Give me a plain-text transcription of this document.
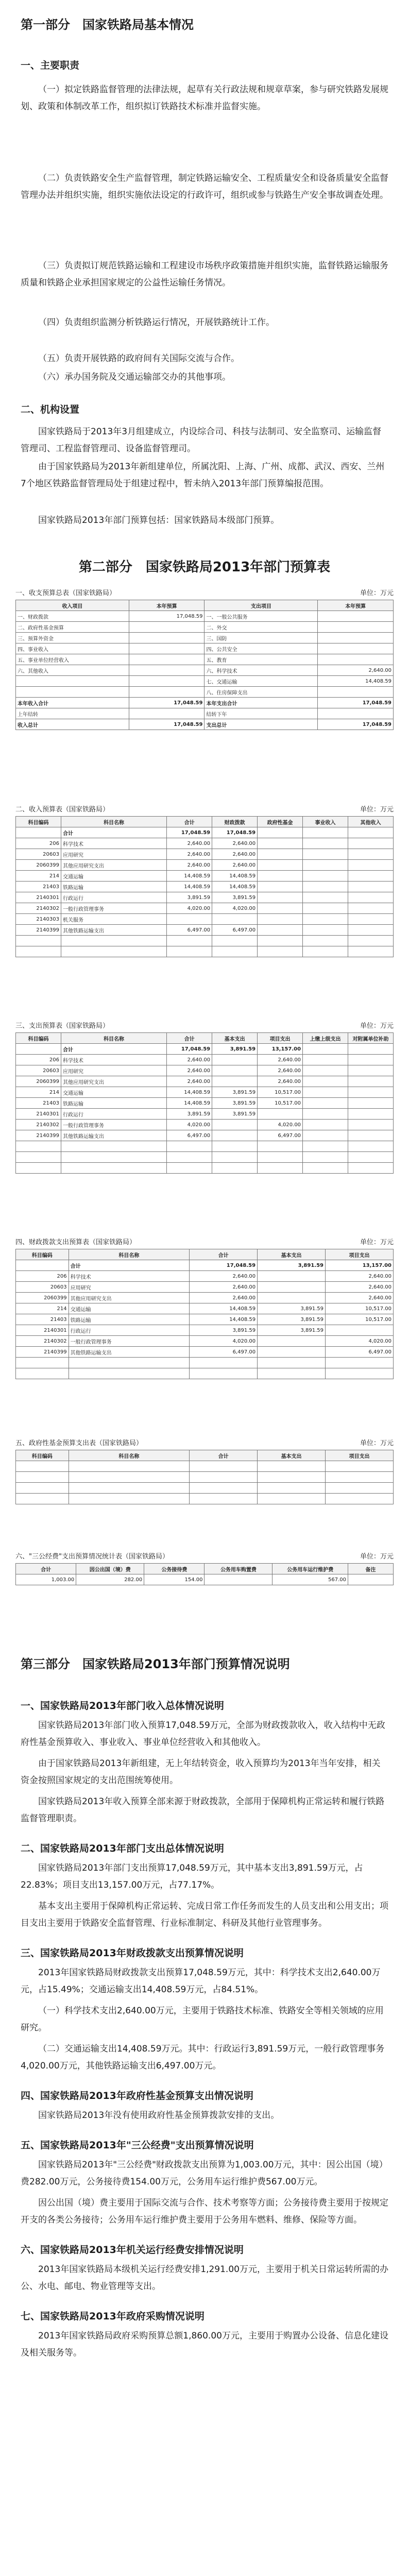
第一部分　国家铁路局基本情况
一、主要职责
（一）拟定铁路监督管理的法律法规，起草有关行政法规和规章草案，参与研究铁路发展规划、政策和体制改革工作，组织拟订铁路技术标准并监督实施。
（二）负责铁路安全生产监督管理，制定铁路运输安全、工程质量安全和设备质量安全监督管理办法并组织实施，组织实施依法设定的行政许可，组织或参与铁路生产安全事故调查处理。
（三）负责拟订规范铁路运输和工程建设市场秩序政策措施并组织实施，监督铁路运输服务质量和铁路企业承担国家规定的公益性运输任务情况。
（四）负责组织监测分析铁路运行情况，开展铁路统计工作。
（五）负责开展铁路的政府间有关国际交流与合作。
（六）承办国务院及交通运输部交办的其他事项。
二、机构设置
国家铁路局于2013年3月组建成立，内设综合司、科技与法制司、安全监察司、运输监督管理司、工程监督管理司、设备监督管理司。
由于国家铁路局为2013年新组建单位，所属沈阳、上海、广州、成都、武汉、西安、兰州7个地区铁路监督管理局处于组建过程中，暂未纳入2013年部门预算编报范围。
国家铁路局2013年部门预算包括：国家铁路局本级部门预算。
第二部分　国家铁路局2013年部门预算表
一、收支预算总表（国家铁路局）	单位：万元
收入项目	本年预算	支出项目	本年预算
一、财政拨款	17,048.59	一、一般公共服务	
二、政府性基金预算		二、外交	
三、预算外资金		三、国防	
四、事业收入		四、公共安全	
五、事业单位经营收入		五、教育	
六、其他收入		六、科学技术	2,640.00
		七、交通运输	14,408.59
		八、住房保障支出	
本年收入合计	17,048.59	本年支出合计	17,048.59
上年结转		结转下年	
收入总计	17,048.59	支出总计	17,048.59
二、收入预算表（国家铁路局）	单位：万元
科目编码	科目名称	合计	财政拨款	政府性基金	事业收入	其他收入
	合计	17,048.59	17,048.59			
206	科学技术	2,640.00	2,640.00			
20603	应用研究	2,640.00	2,640.00			
2060399	其他应用研究支出	2,640.00	2,640.00			
214	交通运输	14,408.59	14,408.59			
21403	铁路运输	14,408.59	14,408.59			
2140301	行政运行	3,891.59	3,891.59			
2140302	一般行政管理事务	4,020.00	4,020.00			
2140303	机关服务					
2140399	其他铁路运输支出	6,497.00	6,497.00			

三、支出预算表（国家铁路局）	单位：万元
科目编码	科目名称	合计	基本支出	项目支出	上缴上级支出	对附属单位补助
	合计	17,048.59	3,891.59	13,157.00		
206	科学技术	2,640.00		2,640.00		
20603	应用研究	2,640.00		2,640.00		
2060399	其他应用研究支出	2,640.00		2,640.00		
214	交通运输	14,408.59	3,891.59	10,517.00		
21403	铁路运输	14,408.59	3,891.59	10,517.00		
2140301	行政运行	3,891.59	3,891.59			
2140302	一般行政管理事务	4,020.00		4,020.00		
2140399	其他铁路运输支出	6,497.00		6,497.00		

四、财政拨款支出预算表（国家铁路局）	单位：万元
科目编码	科目名称	合计	基本支出	项目支出
	合计	17,048.59	3,891.59	13,157.00
206	科学技术	2,640.00		2,640.00
20603	应用研究	2,640.00		2,640.00
2060399	其他应用研究支出	2,640.00		2,640.00
214	交通运输	14,408.59	3,891.59	10,517.00
21403	铁路运输	14,408.59	3,891.59	10,517.00
2140301	行政运行	3,891.59	3,891.59	
2140302	一般行政管理事务	4,020.00		4,020.00
2140399	其他铁路运输支出	6,497.00		6,497.00

五、政府性基金预算支出表（国家铁路局）	单位：万元
科目编码	科目名称	合计	基本支出	项目支出

六、"三公经费"支出预算情况统计表（国家铁路局）	单位：万元
合计	因公出国（境）费	公务接待费	公务用车购置费	公务用车运行维护费	备注
1,003.00	282.00	154.00		567.00	
第三部分　国家铁路局2013年部门预算情况说明
一、国家铁路局2013年部门收入总体情况说明
国家铁路局2013年部门收入预算17,048.59万元，全部为财政拨款收入，收入结构中无政府性基金预算收入、事业收入、事业单位经营收入和其他收入。
由于国家铁路局2013年新组建，无上年结转资金，收入预算均为2013年当年安排，相关资金按照国家规定的支出范围统筹使用。
国家铁路局2013年收入预算全部来源于财政拨款，全部用于保障机构正常运转和履行铁路监督管理职责。
二、国家铁路局2013年部门支出总体情况说明
国家铁路局2013年部门支出预算17,048.59万元，其中基本支出3,891.59万元，占22.83%；项目支出13,157.00万元，占77.17%。
基本支出主要用于保障机构正常运转、完成日常工作任务而发生的人员支出和公用支出；项目支出主要用于铁路安全监督管理、行业标准制定、科研及其他行业管理事务。
三、国家铁路局2013年财政拨款支出预算情况说明
2013年国家铁路局财政拨款支出预算17,048.59万元，其中：科学技术支出2,640.00万元，占15.49%；交通运输支出14,408.59万元，占84.51%。
（一）科学技术支出2,640.00万元，主要用于铁路技术标准、铁路安全等相关领域的应用研究。
（二）交通运输支出14,408.59万元。其中：行政运行3,891.59万元，一般行政管理事务4,020.00万元，其他铁路运输支出6,497.00万元。
四、国家铁路局2013年政府性基金预算支出情况说明
国家铁路局2013年没有使用政府性基金预算拨款安排的支出。
五、国家铁路局2013年"三公经费"支出预算情况说明
国家铁路局2013年"三公经费"财政拨款支出预算为1,003.00万元，其中：因公出国（境）费282.00万元，公务接待费154.00万元，公务用车运行维护费567.00万元。
因公出国（境）费主要用于国际交流与合作、技术考察等方面；公务接待费主要用于按规定开支的各类公务接待；公务用车运行维护费主要用于公务用车燃料、维修、保险等方面。
六、国家铁路局2013年机关运行经费安排情况说明
2013年国家铁路局本级机关运行经费安排1,291.00万元，主要用于机关日常运转所需的办公、水电、邮电、物业管理等支出。
七、国家铁路局2013年政府采购情况说明
2013年国家铁路局政府采购预算总额1,860.00万元，主要用于购置办公设备、信息化建设及相关服务等。
